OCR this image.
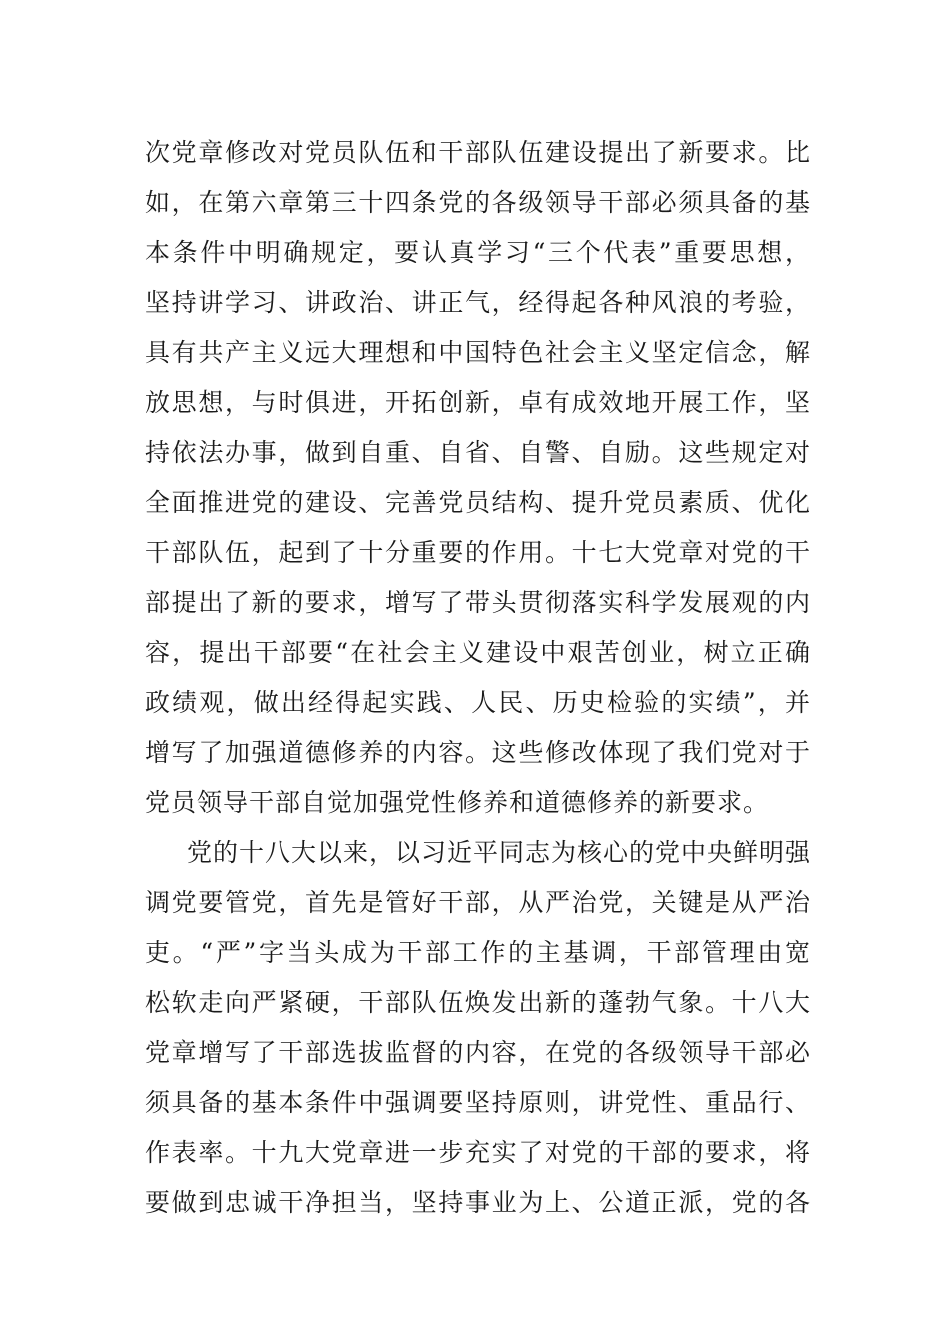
次党章修改对党员队伍和干部队伍建设提出了新要求。比
如，在第六章第三十四条党的各级领导干部必须具备的基
本条件中明确规定，要认真学习“三个代表”重要思想，
坚持讲学习、讲政治、讲正气，经得起各种风浪的考验，
具有共产主义远大理想和中国特色社会主义坚定信念，解
放思想，与时俱进，开拓创新，卓有成效地开展工作，坚
持依法办事，做到自重、自省、自警、自励。这些规定对
全面推进党的建设、完善党员结构、提升党员素质、优化
干部队伍，起到了十分重要的作用。十七大党章对党的干
部提出了新的要求，增写了带头贯彻落实科学发展观的内
容，提出干部要“在社会主义建设中艰苦创业，树立正确
政绩观，做出经得起实践、人民、历史检验的实绩”，并
增写了加强道德修养的内容。这些修改体现了我们党对于
党员领导干部自觉加强党性修养和道德修养的新要求。
党的十八大以来，以习近平同志为核心的党中央鲜明强
调党要管党，首先是管好干部，从严治党，关键是从严治
吏。“严”字当头成为干部工作的主基调，干部管理由宽
松软走向严紧硬，干部队伍焕发出新的蓬勃气象。十八大
党章增写了干部选拔监督的内容，在党的各级领导干部必
须具备的基本条件中强调要坚持原则，讲党性、重品行、
作表率。十九大党章进一步充实了对党的干部的要求，将
要做到忠诚干净担当，坚持事业为上、公道正派，党的各
